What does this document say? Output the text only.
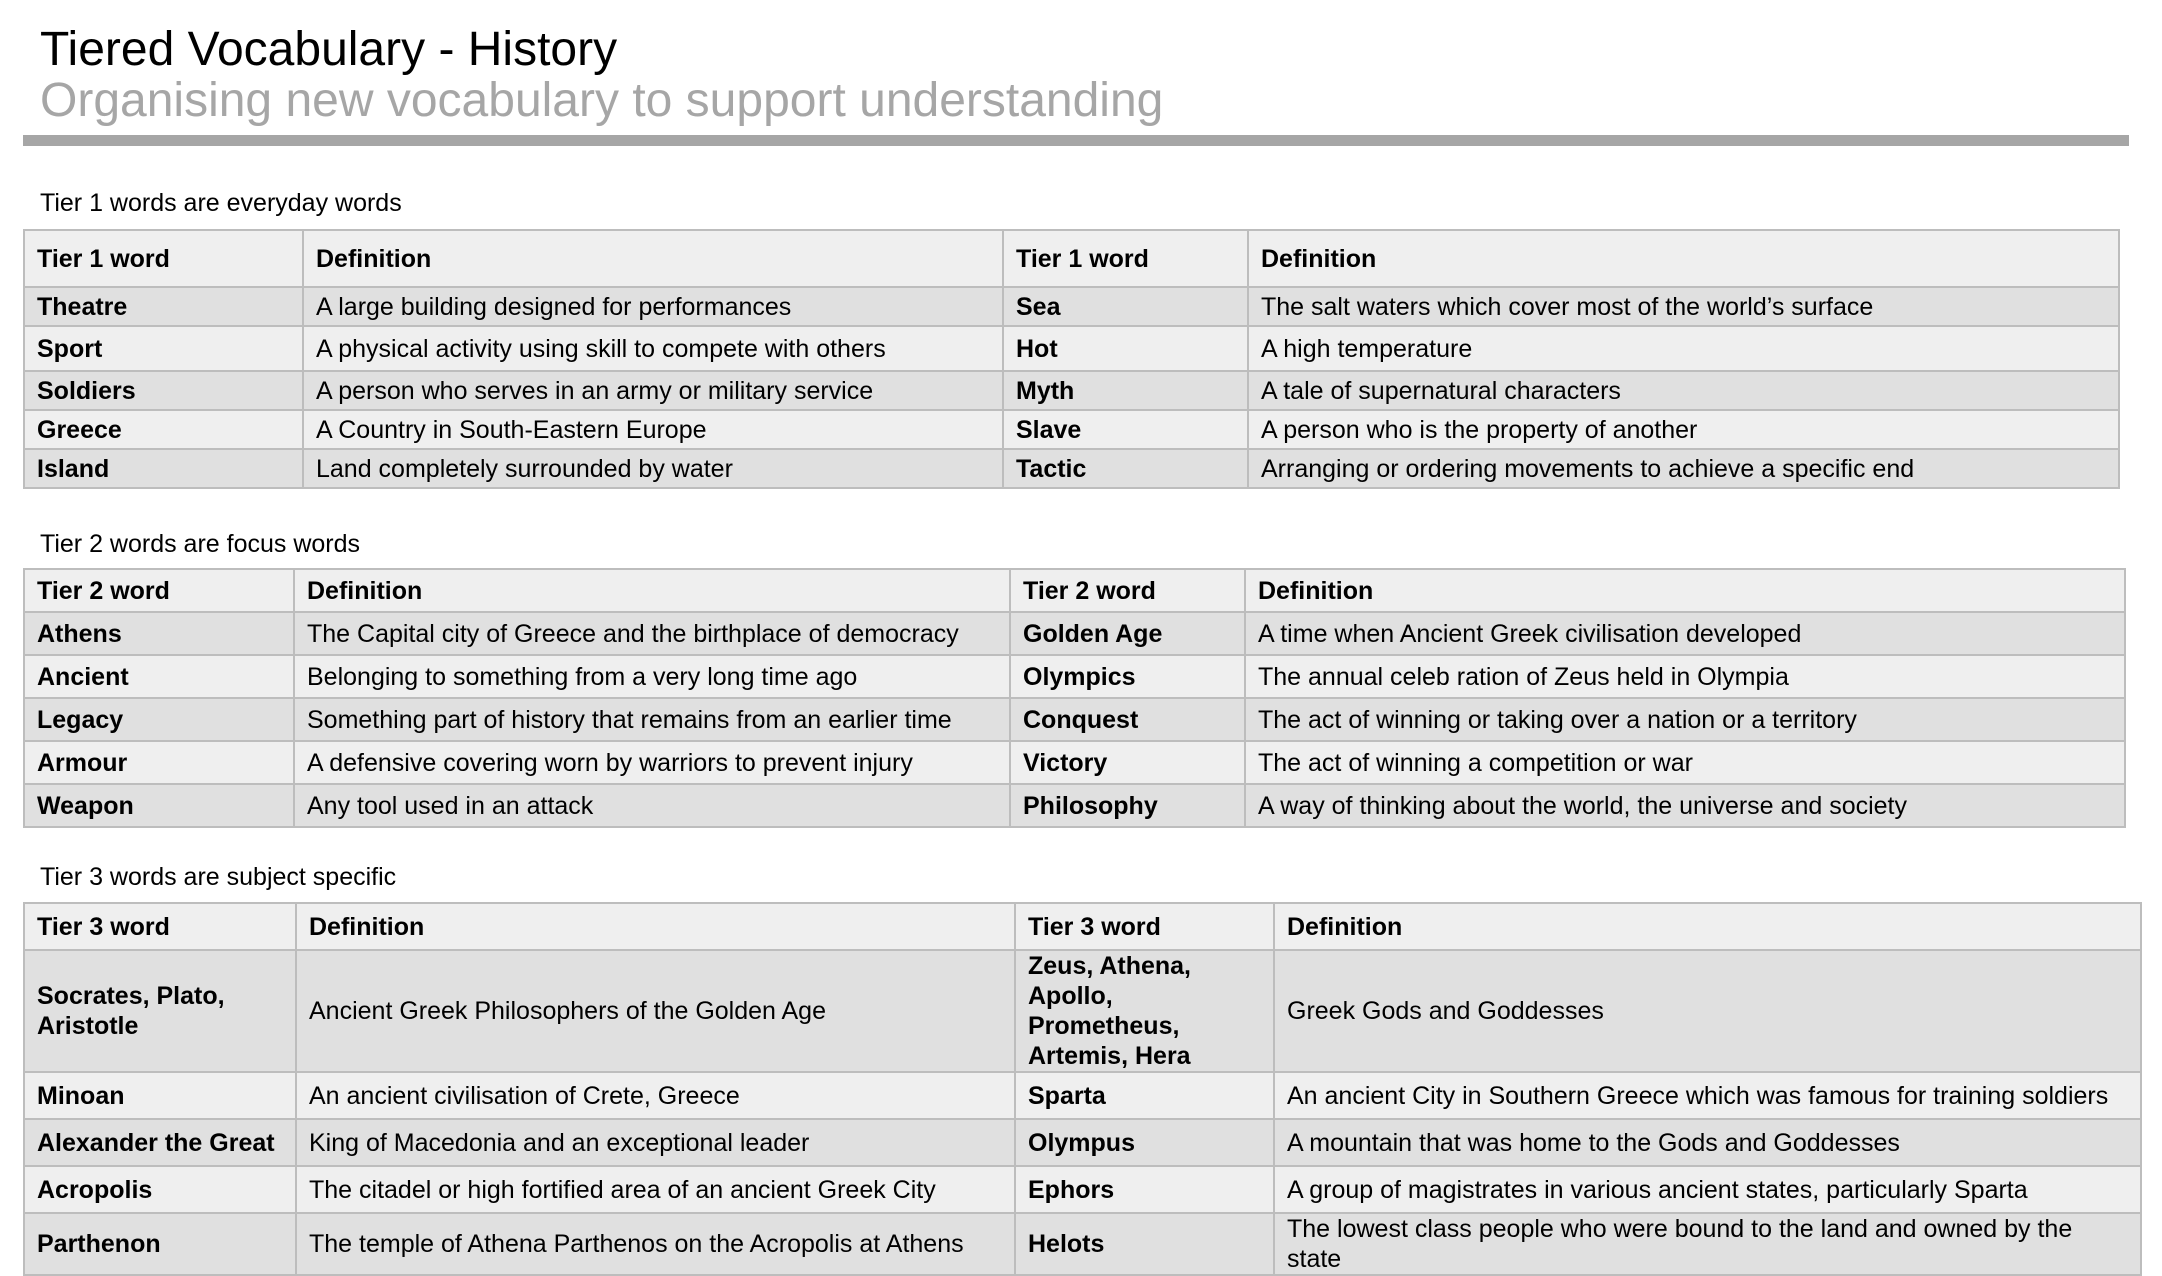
Tiered Vocabulary - History
Organising new vocabulary to support understanding
Tier 1 words are everyday words
Tier 1 word	Definition	Tier 1 word	Definition
Theatre	A large building designed for performances	Sea	The salt waters which cover most of the world’s surface
Sport	A physical activity using skill to compete with others	Hot	A high temperature
Soldiers	A person who serves in an army or military service	Myth	A tale of supernatural characters
Greece	A Country in South-Eastern Europe	Slave	A person who is the property of another
Island	Land completely surrounded by water	Tactic	Arranging or ordering movements to achieve a specific end
Tier 2 words are focus words
Tier 2 word	Definition	Tier 2 word	Definition
Athens	The Capital city of Greece and the birthplace of democracy	Golden Age	A time when Ancient Greek civilisation developed
Ancient	Belonging to something from a very long time ago	Olympics	The annual celeb ration of Zeus held in Olympia
Legacy	Something part of history that remains from an earlier time	Conquest	The act of winning or taking over a nation or a territory
Armour	A defensive covering worn by warriors to prevent injury	Victory	The act of winning a competition or war
Weapon	Any tool used in an attack	Philosophy	A way of thinking about the world, the universe and society
Tier 3 words are subject specific
Tier 3 word	Definition	Tier 3 word	Definition
Socrates, Plato, Aristotle	Ancient Greek Philosophers of the Golden Age	Zeus, Athena, Apollo, Prometheus, Artemis, Hera	Greek Gods and Goddesses
Minoan	An ancient civilisation of Crete, Greece	Sparta	An ancient City in Southern Greece which was famous for training soldiers
Alexander the Great	King of Macedonia and an exceptional leader	Olympus	A mountain that was home to the Gods and Goddesses
Acropolis	The citadel or high fortified area of an ancient Greek City	Ephors	A group of magistrates in various ancient states, particularly Sparta
Parthenon	The temple of Athena Parthenos on the Acropolis at Athens	Helots	The lowest class people who were bound to the land and owned by the state
